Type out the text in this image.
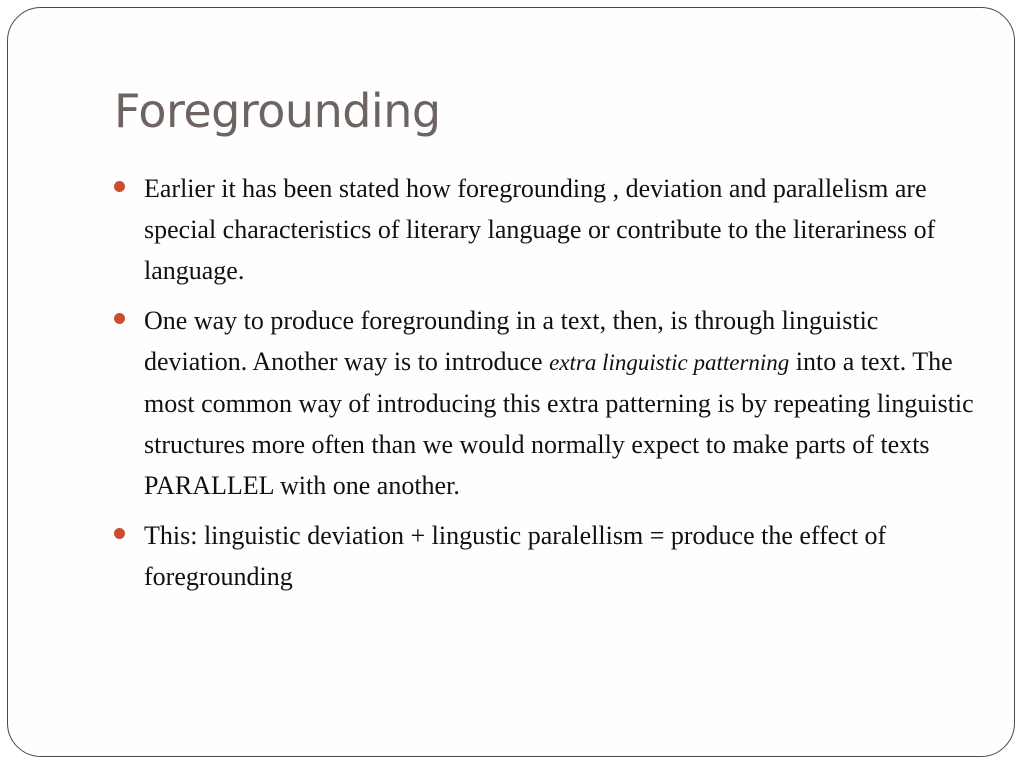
Foregrounding
Earlier it has been stated how foregrounding , deviation and parallelism are special characteristics of literary language or contribute to the literariness of language.
One way to produce foregrounding in a text, then, is through linguistic deviation. Another way is to introduce extra linguistic patterning into a text. The most common way of introducing this extra patterning is by repeating linguistic structures more often than we would normally expect to make parts of texts PARALLEL with one another.
This: linguistic deviation + lingustic paralellism = produce the effect of foregrounding
